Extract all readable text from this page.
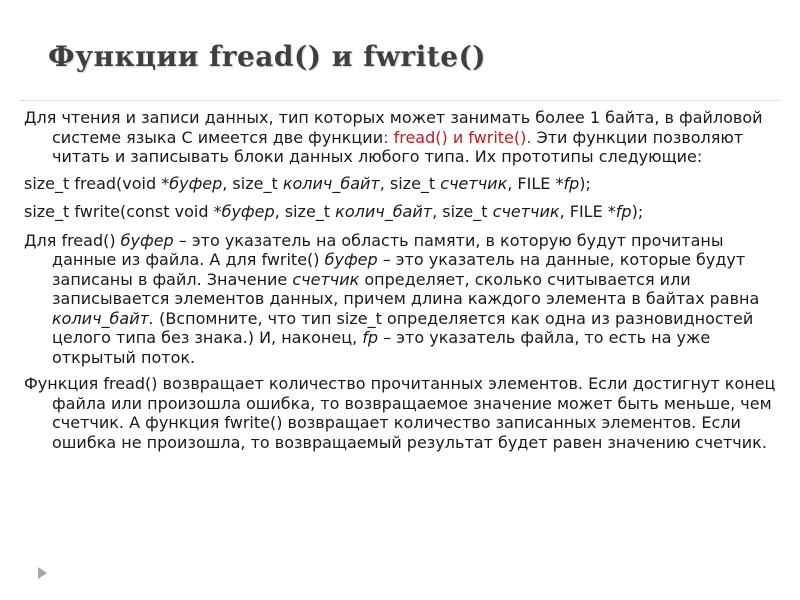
Функции fread() и fwrite()

Для чтения и записи данных, тип которых может занимать более 1 байта, в файловой системе языка С имеется две функции: fread() и fwrite(). Эти функции позволяют читать и записывать блоки данных любого типа. Их прототипы следующие:

size_t fread(void *буфер, size_t колич_байт, size_t счетчик, FILE *fp);

size_t fwrite(const void *буфер, size_t колич_байт, size_t счетчик, FILE *fp);

Для fread() буфер – это указатель на область памяти, в которую будут прочитаны данные из файла. А для fwrite() буфер – это указатель на данные, которые будут записаны в файл. Значение счетчик определяет, сколько считывается или записывается элементов данных, причем длина каждого элемента в байтах равна колич_байт. (Вспомните, что тип size_t определяется как одна из разновидностей целого типа без знака.) И, наконец, fp – это указатель файла, то есть на уже открытый поток.

Функция fread() возвращает количество прочитанных элементов. Если достигнут конец файла или произошла ошибка, то возвращаемое значение может быть меньше, чем счетчик. А функция fwrite() возвращает количество записанных элементов. Если ошибка не произошла, то возвращаемый результат будет равен значению счетчик.
